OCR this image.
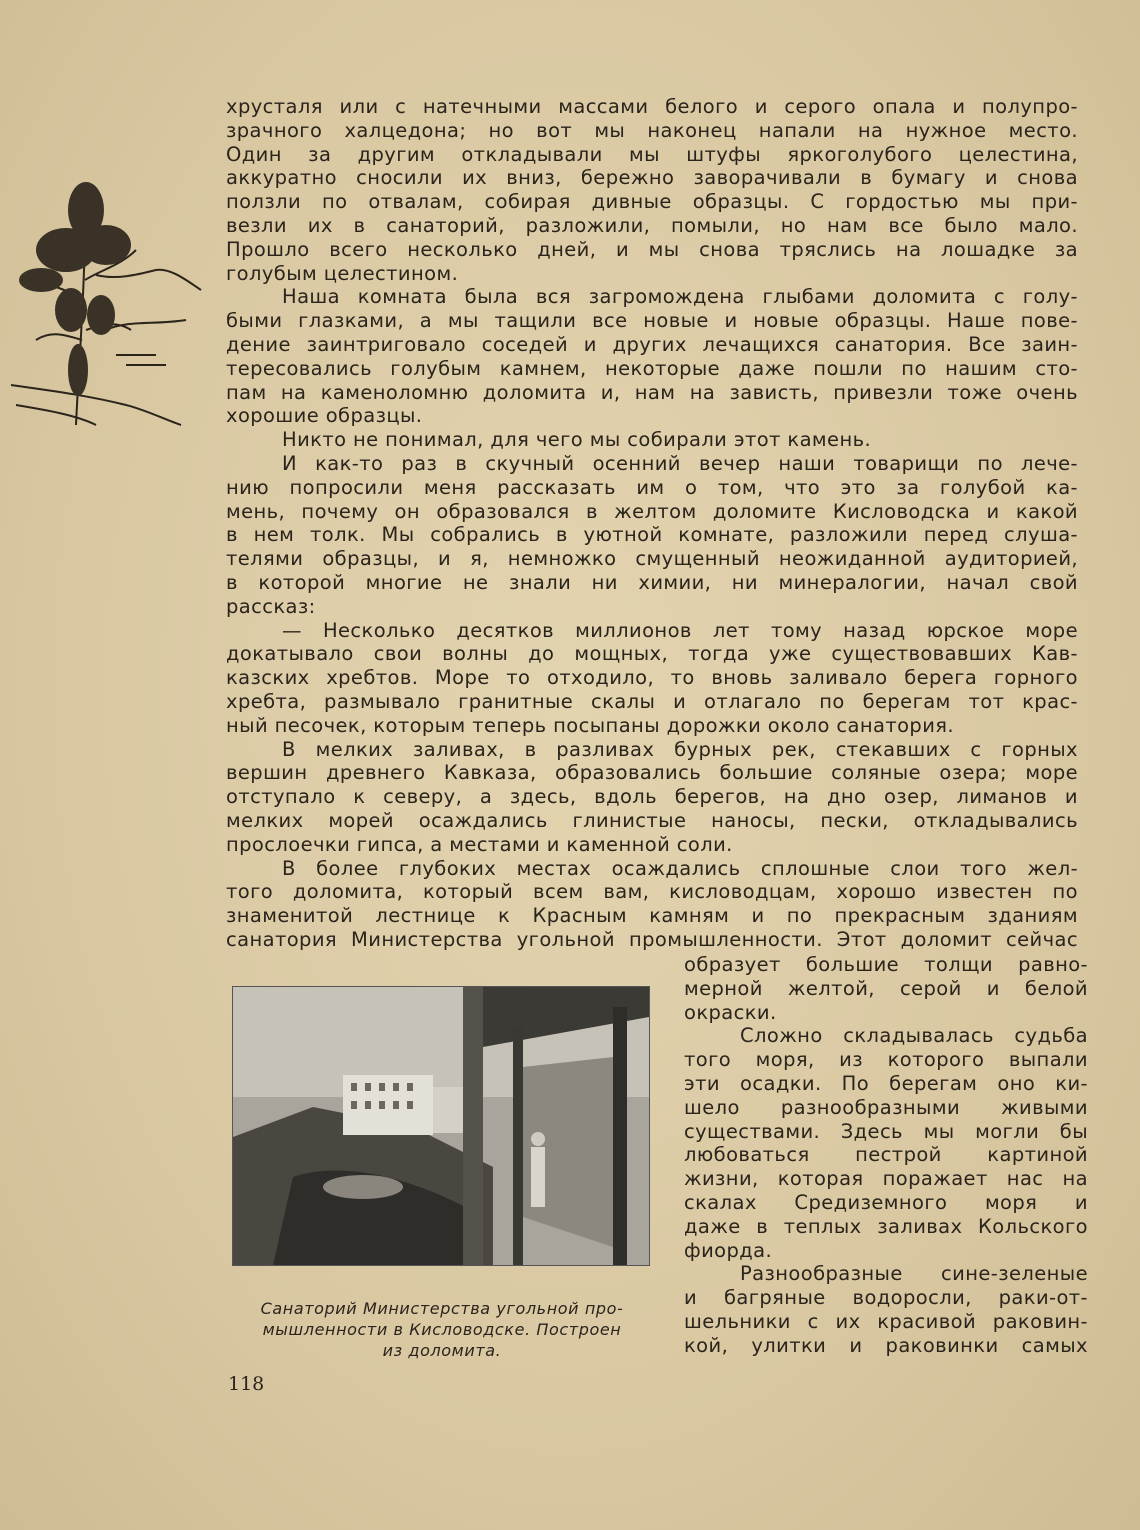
хрусталя или с натечными массами белого и серого опала и полупро-
зрачного халцедона; но вот мы наконец напали на нужное место.
Один за другим откладывали мы штуфы яркоголубого целестина,
аккуратно сносили их вниз, бережно заворачивали в бумагу и снова
ползли по отвалам, собирая дивные образцы. С гордостью мы при-
везли их в санаторий, разложили, помыли, но нам все было мало.
Прошло всего несколько дней, и мы снова тряслись на лошадке за
голубым целестином.
Наша комната была вся загромождена глыбами доломита с голу-
быми глазками, а мы тащили все новые и новые образцы. Наше пове-
дение заинтриговало соседей и других лечащихся санатория. Все заин-
тересовались голубым камнем, некоторые даже пошли по нашим сто-
пам на каменоломню доломита и, нам на зависть, привезли тоже очень
хорошие образцы.
Никто не понимал, для чего мы собирали этот камень.
И как-то раз в скучный осенний вечер наши товарищи по лече-
нию попросили меня рассказать им о том, что это за голубой ка-
мень, почему он образовался в желтом доломите Кисловодска и какой
в нем толк. Мы собрались в уютной комнате, разложили перед слуша-
телями образцы, и я, немножко смущенный неожиданной аудиторией,
в которой многие не знали ни химии, ни минералогии, начал свой
рассказ:
— Несколько десятков миллионов лет тому назад юрское море
докатывало свои волны до мощных, тогда уже существовавших Кав-
казских хребтов. Море то отходило, то вновь заливало берега горного
хребта, размывало гранитные скалы и отлагало по берегам тот крас-
ный песочек, которым теперь посыпаны дорожки около санатория.
В мелких заливах, в разливах бурных рек, стекавших с горных
вершин древнего Кавказа, образовались большие соляные озера; море
отступало к северу, а здесь, вдоль берегов, на дно озер, лиманов и
мелких морей осаждались глинистые наносы, пески, откладывались
прослоечки гипса, а местами и каменной соли.
В более глубоких местах осаждались сплошные слои того жел-
того доломита, который всем вам, кисловодцам, хорошо известен по
знаменитой лестнице к Красным камням и по прекрасным зданиям
санатория Министерства угольной промышленности. Этот доломит сейчас
образует большие толщи равно-
мерной желтой, серой и белой
окраски.
Сложно складывалась судьба
того моря, из которого выпали
эти осадки. По берегам оно ки-
шело разнообразными живыми
существами. Здесь мы могли бы
любоваться пестрой картиной
жизни, которая поражает нас на
скалах Средиземного моря и
даже в теплых заливах Кольского
фиорда.
Разнообразные сине-зеленые
и багряные водоросли, раки-от-
шельники с их красивой раковин-
кой, улитки и раковинки самых
Санаторий Министерства угольной про-
мышленности в Кисловодске. Построен
из доломита.
118
